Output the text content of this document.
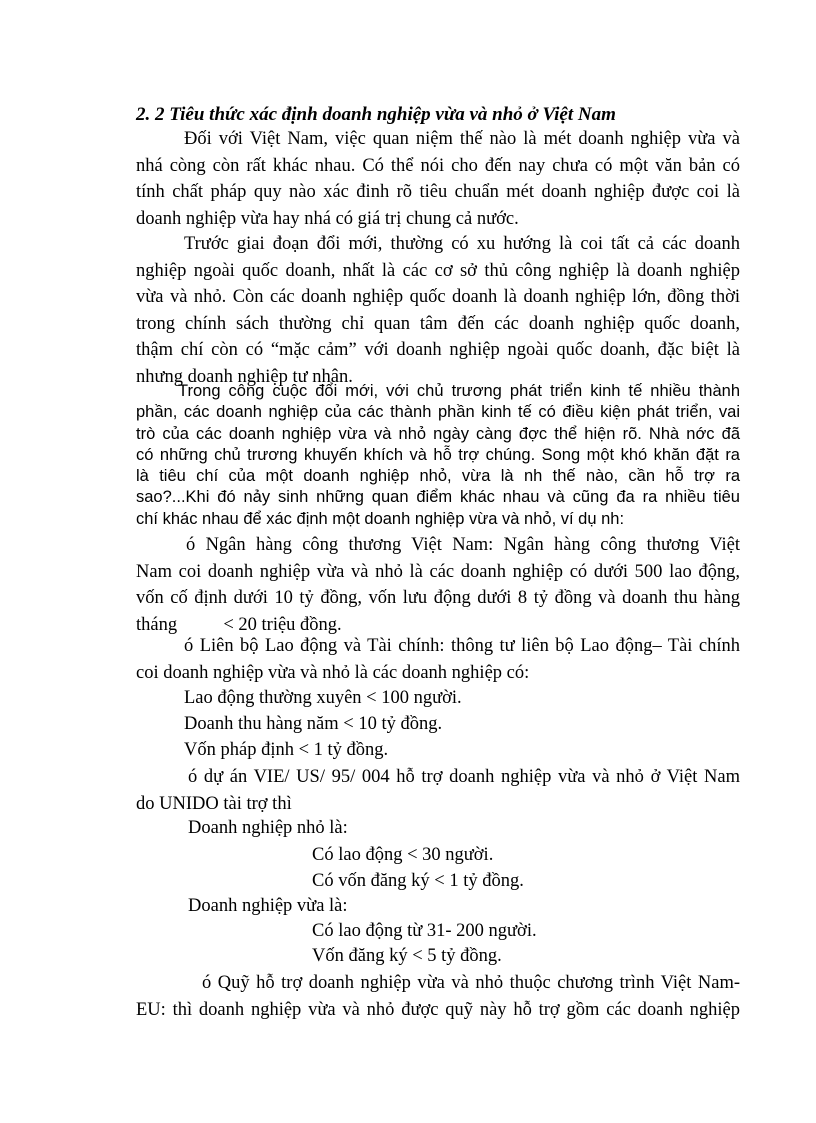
2. 2 Tiêu thức xác định doanh nghiệp vừa và nhỏ ở Việt Nam
Đối với Việt Nam, việc quan niệm thế nào là mét doanh nghiệp vừa và
nhá còng còn rất khác nhau. Có thể nói cho đến nay chưa có một văn bản có
tính chất pháp quy nào xác đinh rõ tiêu chuẩn mét doanh nghiệp được coi là
doanh nghiệp vừa hay nhá có giá trị chung cả nước.
Trước giai đoạn đổi mới, thường có xu hướng là coi tất cả các doanh
nghiệp ngoài quốc doanh, nhất là các cơ sở thủ công nghiệp là doanh nghiệp
vừa và nhỏ. Còn các doanh nghiệp quốc doanh là doanh nghiệp lớn, đồng thời
trong chính sách thường chỉ quan tâm đến các doanh nghiệp quốc doanh,
thậm chí còn có “mặc cảm” với doanh nghiệp ngoài quốc doanh, đặc biệt là
nhưng doanh nghiệp tư nhân.
Trong công cuộc đổi mới, với chủ trương phát triển kinh tế nhiều thành
phần, các doanh nghiệp của các thành phần kinh tế có điều kiện phát triển, vai
trò của các doanh nghiệp vừa và nhỏ ngày càng đợc thể hiện rõ. Nhà nớc đã
có những chủ trương khuyến khích và hỗ trợ chúng. Song một khó khăn đặt ra
là tiêu chí của một doanh nghiệp nhỏ, vừa là nh thế nào, cần hỗ trợ ra
sao?...Khi đó nảy sinh những quan điểm khác nhau và cũng đa ra nhiều tiêu
chí khác nhau để xác định một doanh nghiệp vừa và nhỏ, ví dụ nh:
ó Ngân hàng công thương Việt Nam: Ngân hàng công thương Việt
Nam coi doanh nghiệp vừa và nhỏ là các doanh nghiệp có dưới 500 lao động,
vốn cố định dưới 10 tỷ đồng, vốn lưu động dưới 8 tỷ đồng và doanh thu hàng
tháng          < 20 triệu đồng.
ó Liên bộ Lao động và Tài chính: thông tư liên bộ Lao động– Tài chính
coi doanh nghiệp vừa và nhỏ là các doanh nghiệp có:
Lao động thường xuyên < 100 người.
Doanh thu hàng năm < 10 tỷ đồng.
Vốn pháp định < 1 tỷ đồng.
ó dự án VIE/ US/ 95/ 004 hỗ trợ doanh nghiệp vừa và nhỏ ở Việt Nam
do UNIDO tài trợ thì
Doanh nghiệp nhỏ là:
Có lao động < 30 người.
Có vốn đăng ký < 1 tỷ đồng.
Doanh nghiệp vừa là:
Có lao động từ 31- 200 người.
Vốn đăng ký < 5 tỷ đồng.
ó Quỹ hỗ trợ doanh nghiệp vừa và nhỏ thuộc chương trình Việt Nam-
EU: thì doanh nghiệp vừa và nhỏ được quỹ này hỗ trợ gồm các doanh nghiệp
